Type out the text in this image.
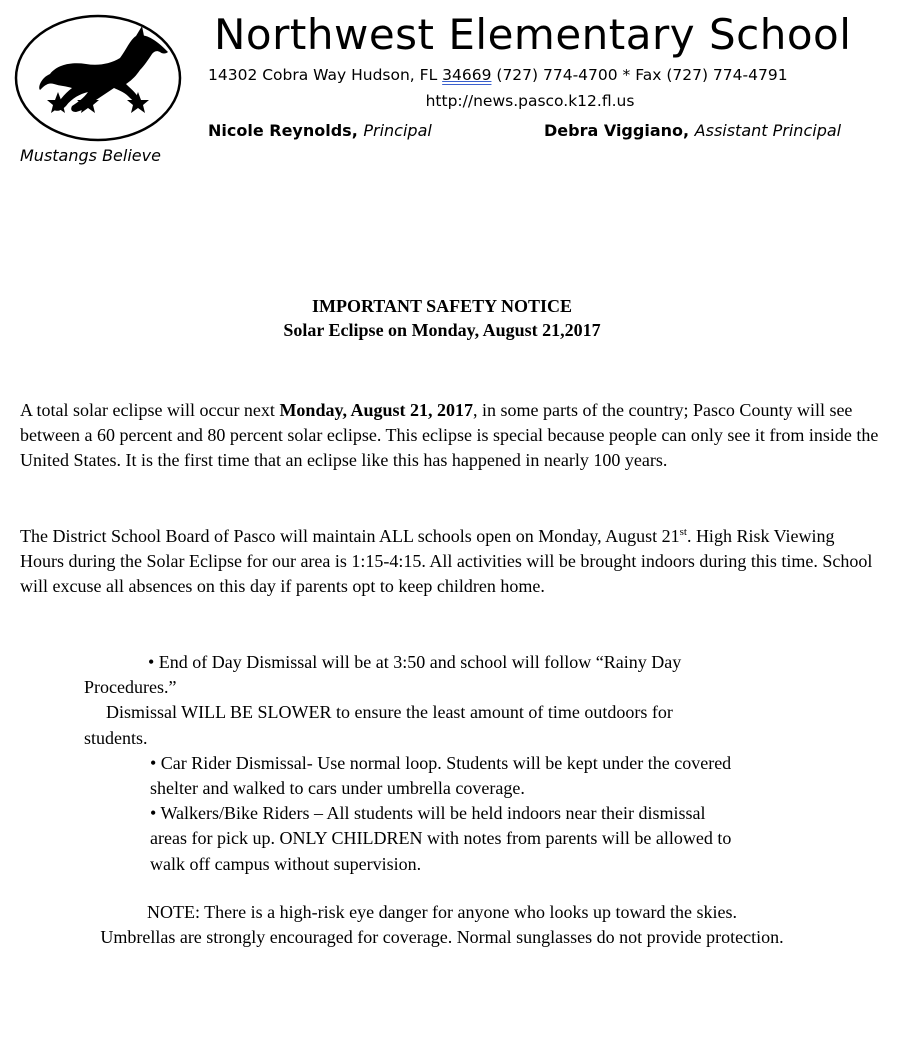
Mustangs Believe
Northwest Elementary School
14302 Cobra Way Hudson, FL 34669 (727) 774-4700 * Fax (727) 774-4791
http://news.pasco.k12.fl.us
Nicole Reynolds, Principal	Debra Viggiano, Assistant Principal
IMPORTANT SAFETY NOTICE
Solar Eclipse on Monday, August 21,2017
A total solar eclipse will occur next Monday, August 21, 2017, in some parts of the country; Pasco County will see between a 60 percent and 80 percent solar eclipse. This eclipse is special because people can only see it from inside the United States. It is the first time that an eclipse like this has happened in nearly 100 years.
The District School Board of Pasco will maintain ALL schools open on Monday, August 21st. High Risk Viewing Hours during the Solar Eclipse for our area is 1:15-4:15. All activities will be brought indoors during this time. School will excuse all absences on this day if parents opt to keep children home.

• End of Day Dismissal will be at 3:50 and school will follow “Rainy Day

Procedures.”

Dismissal WILL BE SLOWER to ensure the least amount of time outdoors for

students.

• Car Rider Dismissal- Use normal loop. Students will be kept under the covered

shelter and walked to cars under umbrella coverage.

• Walkers/Bike Riders – All students will be held indoors near their dismissal

areas for pick up. ONLY CHILDREN with notes from parents will be allowed to

walk off campus without supervision.

NOTE: There is a high-risk eye danger for anyone who looks up toward the skies.
Umbrellas are strongly encouraged for coverage. Normal sunglasses do not provide protection.
